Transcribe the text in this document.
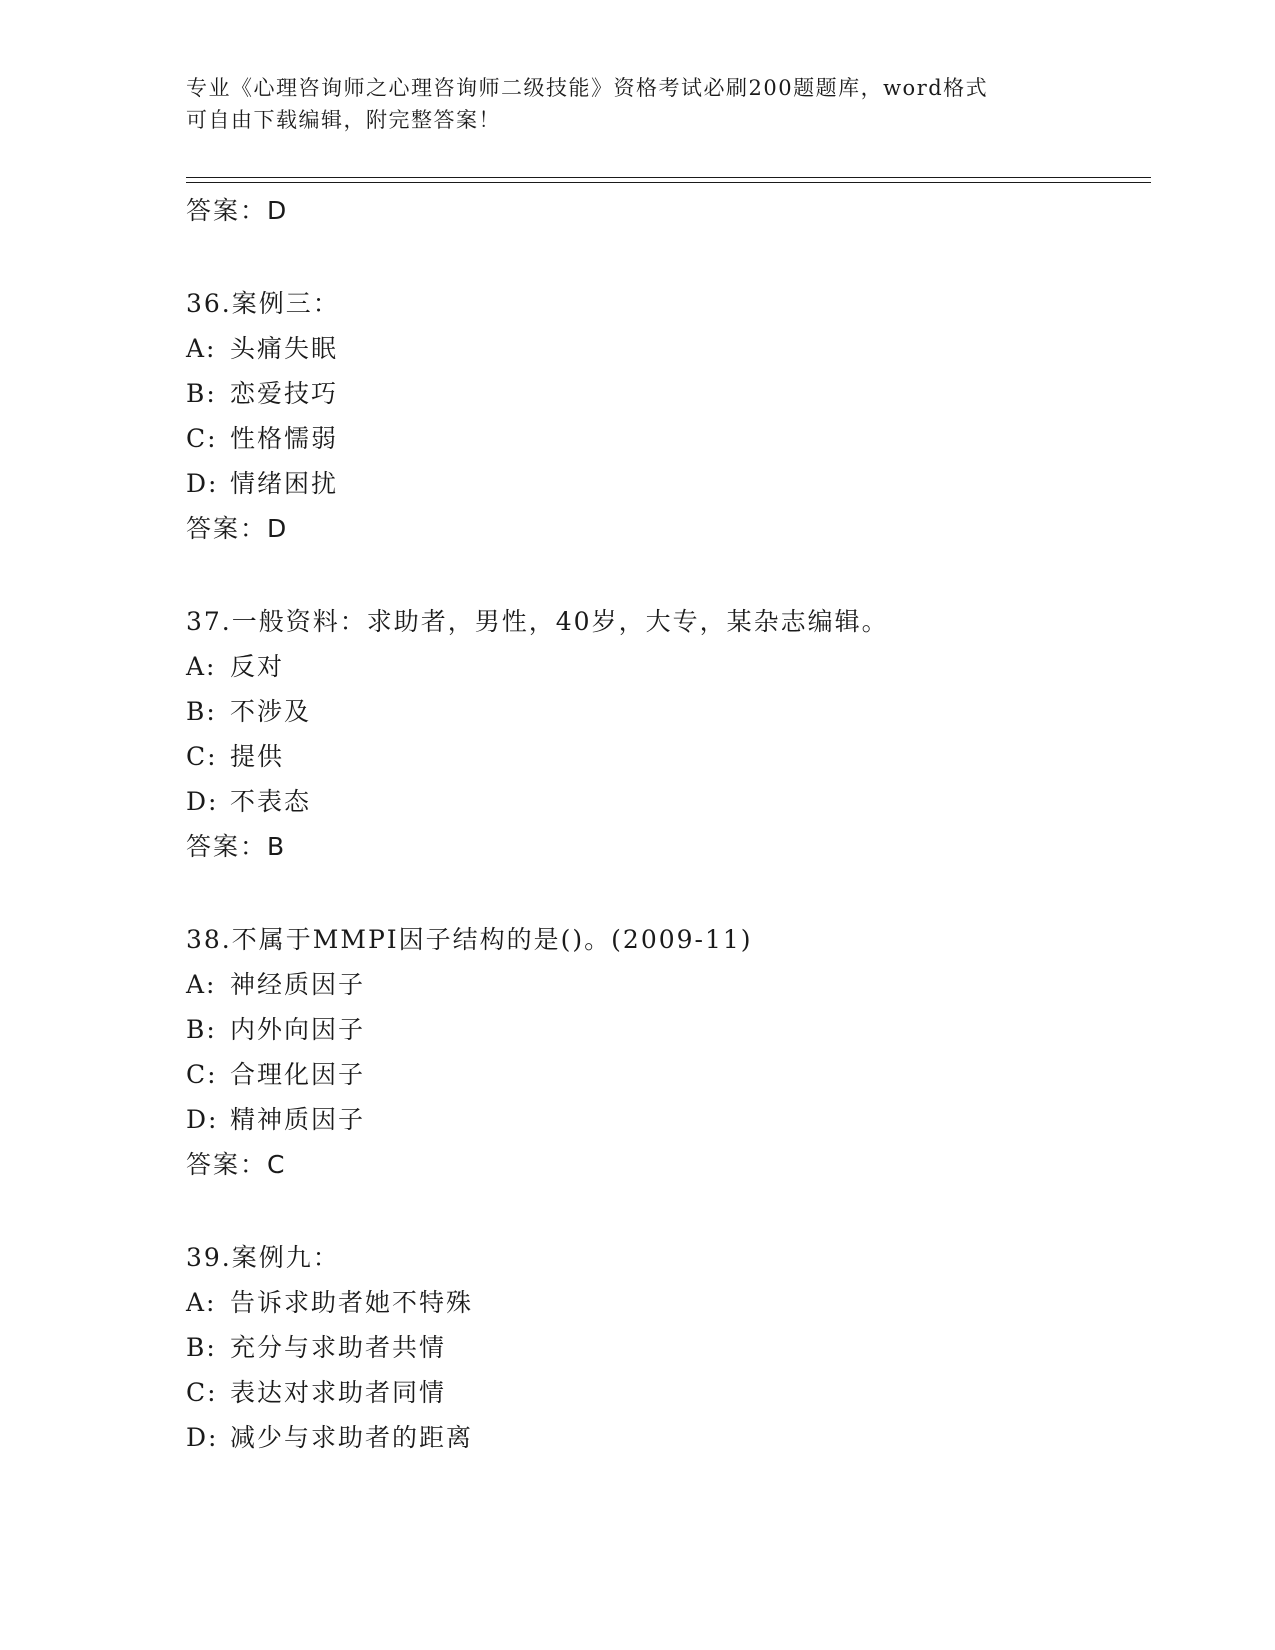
专业《心理咨询师之心理咨询师二级技能》资格考试必刷200题题库，word格式
可自由下载编辑，附完整答案！
答案：D
36.案例三：
A: 头痛失眠
B: 恋爱技巧
C: 性格懦弱
D: 情绪困扰
答案：D
37.一般资料：求助者，男性，40岁，大专，某杂志编辑。
A: 反对
B: 不涉及
C: 提供
D: 不表态
答案：B
38.不属于MMPI因子结构的是()。(2009-11)
A: 神经质因子
B: 内外向因子
C: 合理化因子
D: 精神质因子
答案：C
39.案例九：
A: 告诉求助者她不特殊
B: 充分与求助者共情
C: 表达对求助者同情
D: 减少与求助者的距离
